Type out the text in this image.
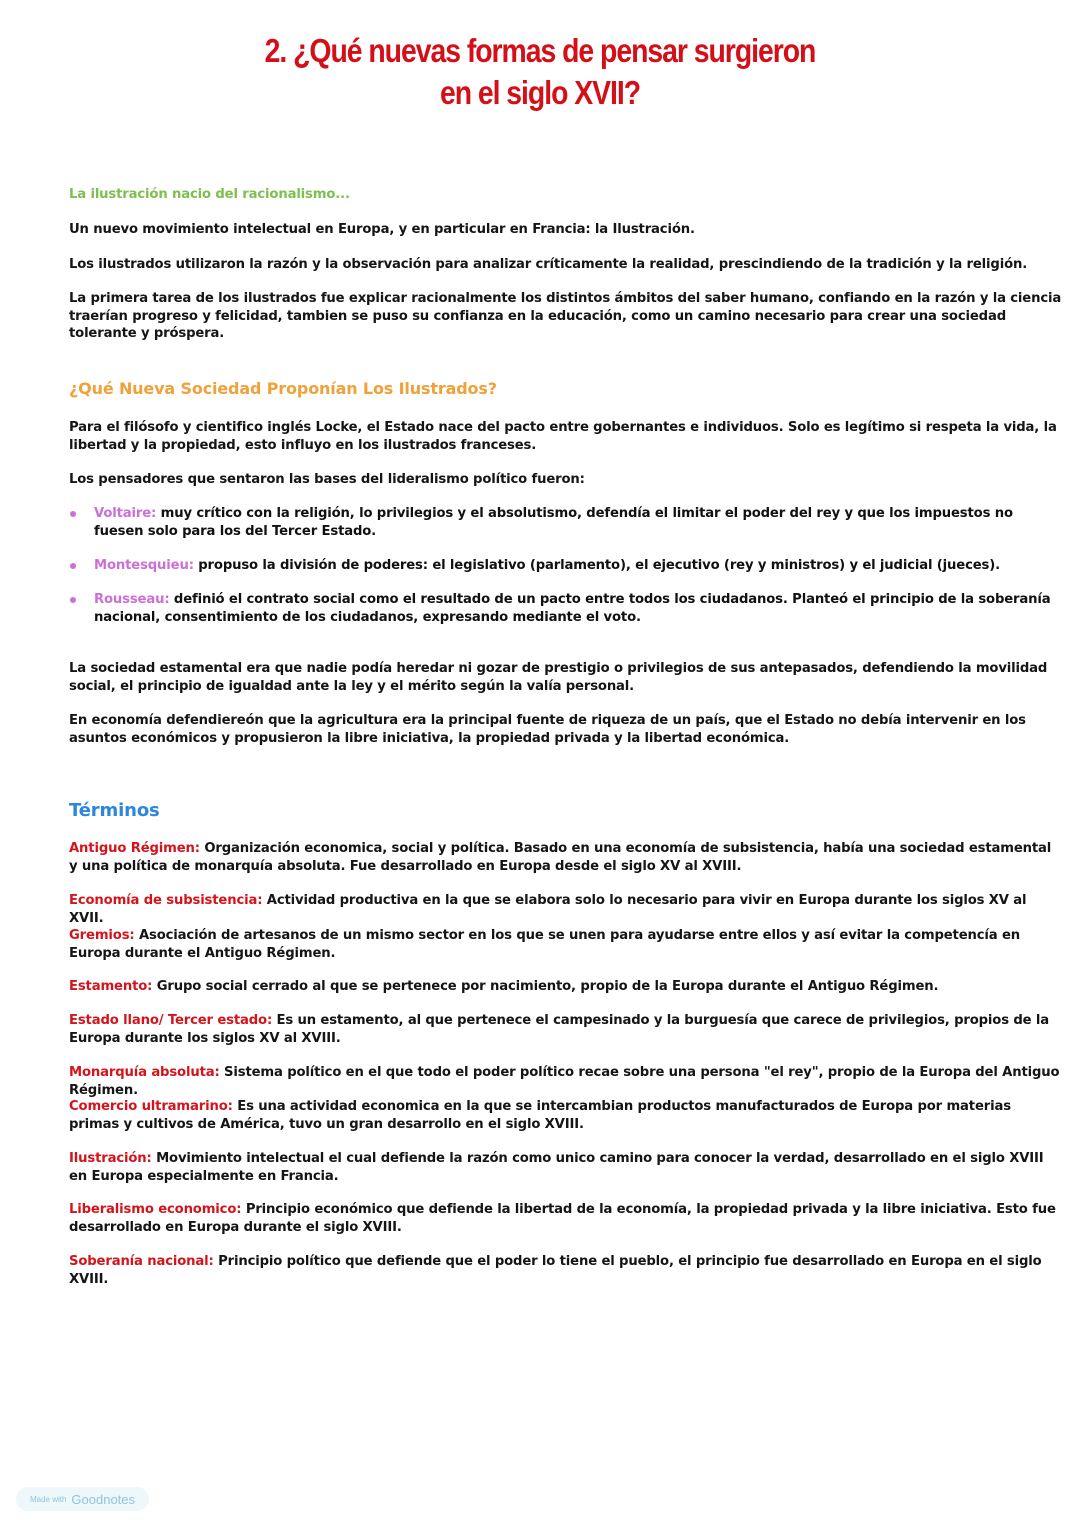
2. ¿Qué nuevas formas de pensar surgieron
en el siglo XVII?
La ilustración nacio del racionalismo...
Un nuevo movimiento intelectual en Europa, y en particular en Francia: la Ilustración.
Los ilustrados utilizaron la razón y la observación para analizar críticamente la realidad, prescindiendo de la tradición y la religión.
La primera tarea de los ilustrados fue explicar racionalmente los distintos ámbitos del saber humano, confiando en la razón y la ciencia traerían progreso y felicidad, tambien se puso su confianza en la educación, como un camino necesario para crear una sociedad tolerante y próspera.
¿Qué Nueva Sociedad Proponían Los Ilustrados?
Para el filósofo y cientifico inglés Locke, el Estado nace del pacto entre gobernantes e individuos. Solo es legítimo si respeta la vida, la libertad y la propiedad, esto influyo en los ilustrados franceses.
Los pensadores que sentaron las bases del lideralismo político fueron:
Voltaire: muy crítico con la religión, lo privilegios y el absolutismo, defendía el limitar el poder del rey y que los impuestos no fuesen solo para los del Tercer Estado.
Montesquieu: propuso la división de poderes: el legislativo (parlamento), el ejecutivo (rey y ministros) y el judicial (jueces).
Rousseau: definió el contrato social como el resultado de un pacto entre todos los ciudadanos. Planteó el principio de la soberanía nacional, consentimiento de los ciudadanos, expresando mediante el voto.
La sociedad estamental era que nadie podía heredar ni gozar de prestigio o privilegios de sus antepasados, defendiendo la movilidad social, el principio de igualdad ante la ley y el mérito según la valía personal.
En economía defendiereón que la agricultura era la principal fuente de riqueza de un país, que el Estado no debía intervenir en los asuntos económicos y propusieron la libre iniciativa, la propiedad privada y la libertad económica.
Términos
Antiguo Régimen: Organización economica, social y política. Basado en una economía de subsistencia, había una sociedad estamental y una política de monarquía absoluta. Fue desarrollado en Europa desde el siglo XV al XVIII.
Economía de subsistencia: Actividad productiva en la que se elabora solo lo necesario para vivir en Europa durante los siglos XV al XVII.
Gremios: Asociación de artesanos de un mismo sector en los que se unen para ayudarse entre ellos y así evitar la competencía en Europa durante el Antiguo Régimen.
Estamento: Grupo social cerrado al que se pertenece por nacimiento, propio de la Europa durante el Antiguo Régimen.
Estado llano/ Tercer estado: Es un estamento, al que pertenece el campesinado y la burguesía que carece de privilegios, propios de la Europa durante los siglos XV al XVIII.
Monarquía absoluta: Sistema político en el que todo el poder político recae sobre una persona "el rey", propio de la Europa del Antiguo Régimen.
Comercio ultramarino: Es una actividad economica en la que se intercambian productos manufacturados de Europa por materias primas y cultivos de América, tuvo un gran desarrollo en el siglo XVIII.
Ilustración: Movimiento intelectual el cual defiende la razón como unico camino para conocer la verdad, desarrollado en el siglo XVIII en Europa especialmente en Francia.
Liberalismo economico: Principio económico que defiende la libertad de la economía, la propiedad privada y la libre iniciativa. Esto fue desarrollado en Europa durante el siglo XVIII.
Soberanía nacional: Principio político que defiende que el poder lo tiene el pueblo, el principio fue desarrollado en Europa en el siglo XVIII.
Made with Goodnotes
